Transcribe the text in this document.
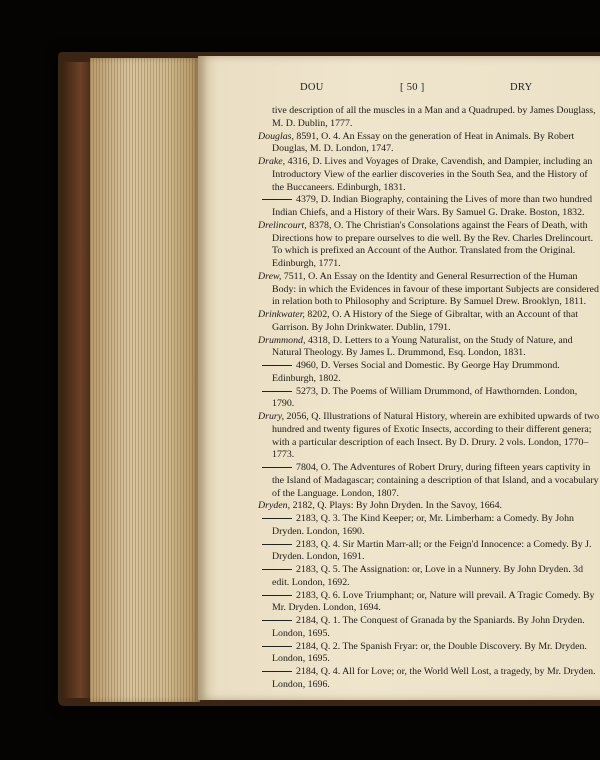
DOU	[ 50 ]	DRY
tive description of all the muscles in a Man and a Quadruped. by James Douglass, M. D. Dublin, 1777.
Douglas, 8591, O. 4. An Essay on the generation of Heat in Animals. By Robert Douglas, M. D. London, 1747.
Drake, 4316, D. Lives and Voyages of Drake, Cavendish, and Dampier, including an Introductory View of the earlier discoveries in the South Sea, and the History of the Buccaneers. Edinburgh, 1831.
4379, D. Indian Biography, containing the Lives of more than two hundred Indian Chiefs, and a History of their Wars. By Samuel G. Drake. Boston, 1832.
Drelincourt, 8378, O. The Christian's Consolations against the Fears of Death, with Directions how to prepare ourselves to die well. By the Rev. Charles Drelincourt. To which is prefixed an Account of the Author. Translated from the Original. Edinburgh, 1771.
Drew, 7511, O. An Essay on the Identity and General Resurrection of the Human Body: in which the Evidences in favour of these important Subjects are considered in relation both to Philosophy and Scripture. By Samuel Drew. Brooklyn, 1811.
Drinkwater, 8202, O. A History of the Siege of Gibraltar, with an Account of that Garrison. By John Drinkwater. Dublin, 1791.
Drummond, 4318, D. Letters to a Young Naturalist, on the Study of Nature, and Natural Theology. By James L. Drummond, Esq. London, 1831.
4960, D. Verses Social and Domestic. By George Hay Drummond. Edinburgh, 1802.
5273, D. The Poems of William Drummond, of Hawthornden. London, 1790.
Drury, 2056, Q. Illustrations of Natural History, wherein are exhibited upwards of two hundred and twenty figures of Exotic Insects, according to their different genera; with a particular description of each Insect. By D. Drury. 2 vols. London, 1770–1773.
7804, O. The Adventures of Robert Drury, during fifteen years captivity in the Island of Madagascar; containing a description of that Island, and a vocabulary of the Language. London, 1807.
Dryden, 2182, Q. Plays: By John Dryden. In the Savoy, 1664.
2183, Q. 3. The Kind Keeper; or, Mr. Limberham: a Comedy. By John Dryden. London, 1690.
2183, Q. 4. Sir Martin Marr-all; or the Feign'd Innocence: a Comedy. By J. Dryden. London, 1691.
2183, Q. 5. The Assignation: or, Love in a Nunnery. By John Dryden. 3d edit. London, 1692.
2183, Q. 6. Love Triumphant; or, Nature will prevail. A Tragic Comedy. By Mr. Dryden. London, 1694.
2184, Q. 1. The Conquest of Granada by the Spaniards. By John Dryden. London, 1695.
2184, Q. 2. The Spanish Fryar: or, the Double Discovery. By Mr. Dryden. London, 1695.
2184, Q. 4. All for Love; or, the World Well Lost, a tragedy, by Mr. Dryden. London, 1696.
